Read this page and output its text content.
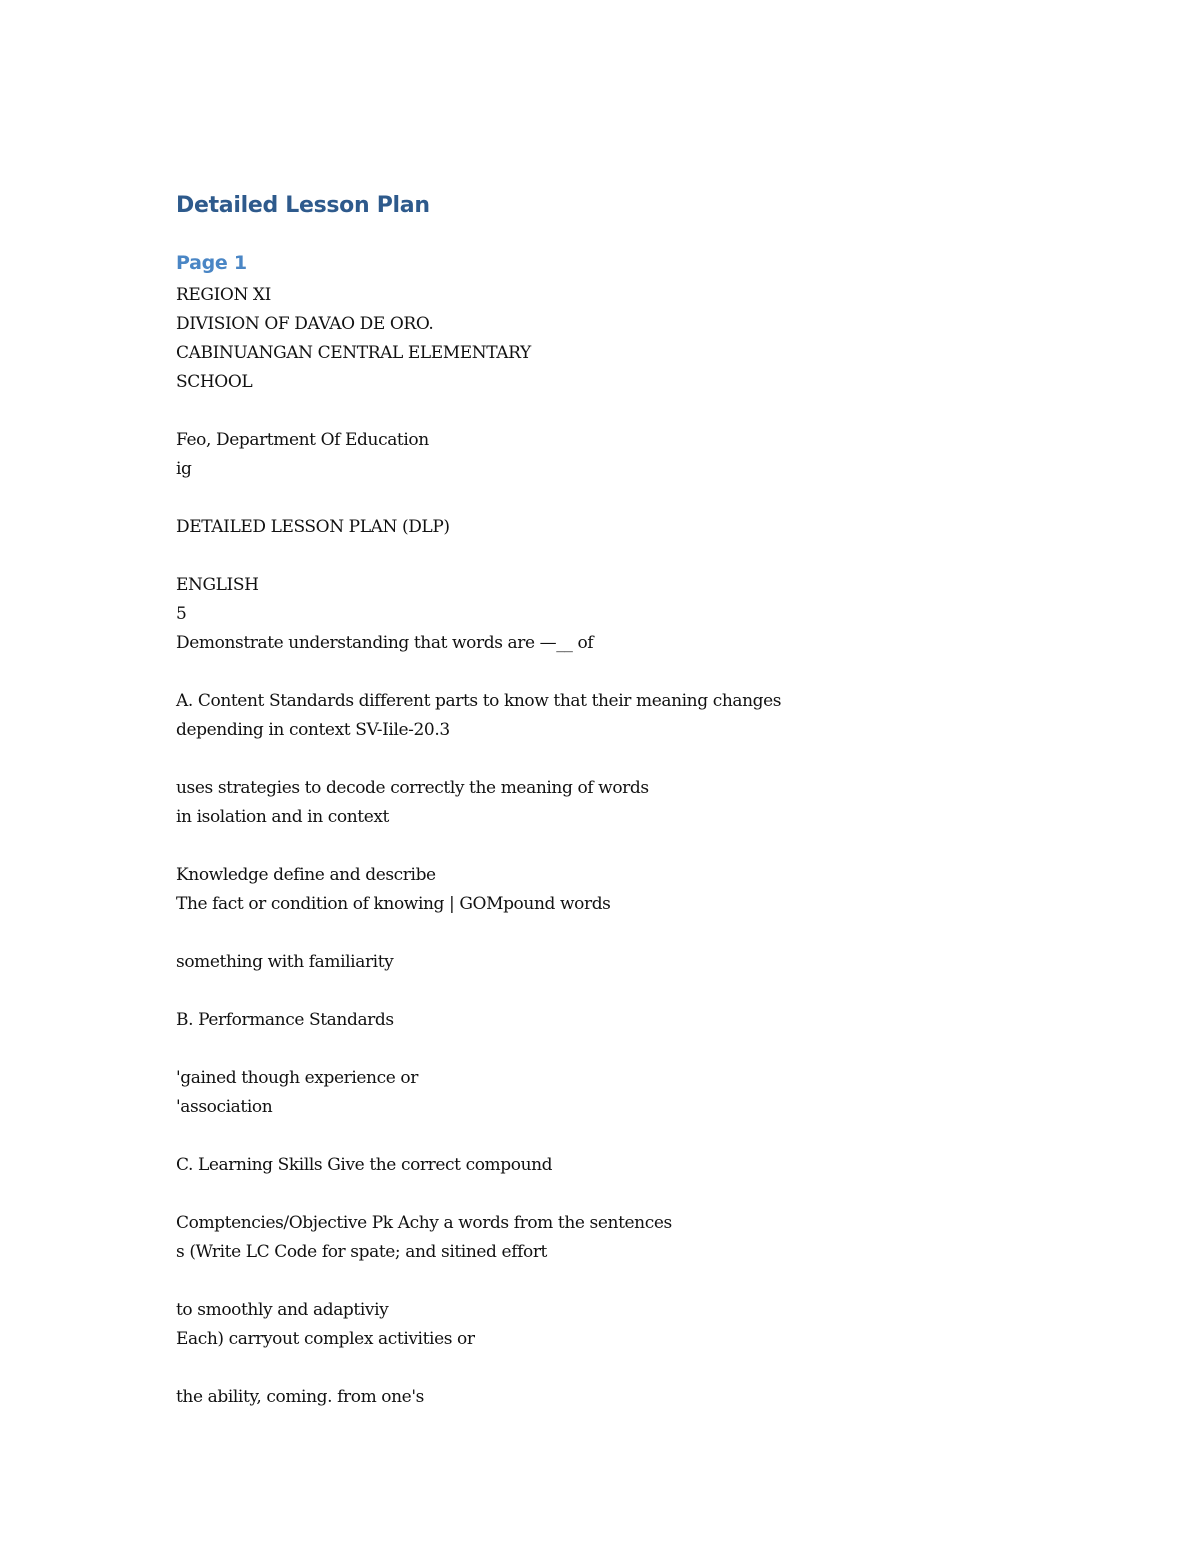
Detailed Lesson Plan
Page 1
REGION XI
DIVISION OF DAVAO DE ORO.
CABINUANGAN CENTRAL ELEMENTARY
SCHOOL
Feo, Department Of Education
ig
DETAILED LESSON PLAN (DLP)
ENGLISH
5
Demonstrate understanding that words are —__ of
A. Content Standards different parts to know that their meaning changes
depending in context SV-Iile-20.3
uses strategies to decode correctly the meaning of words
in isolation and in context
Knowledge define and describe
The fact or condition of knowing | GOMpound words
something with familiarity
B. Performance Standards
'gained though experience or
'association
C. Learning Skills Give the correct compound
Comptencies/Objective Pk Achy a words from the sentences
s (Write LC Code for spate; and sitined effort
to smoothly and adaptiviy
Each) carryout complex activities or
the ability, coming. from one's
